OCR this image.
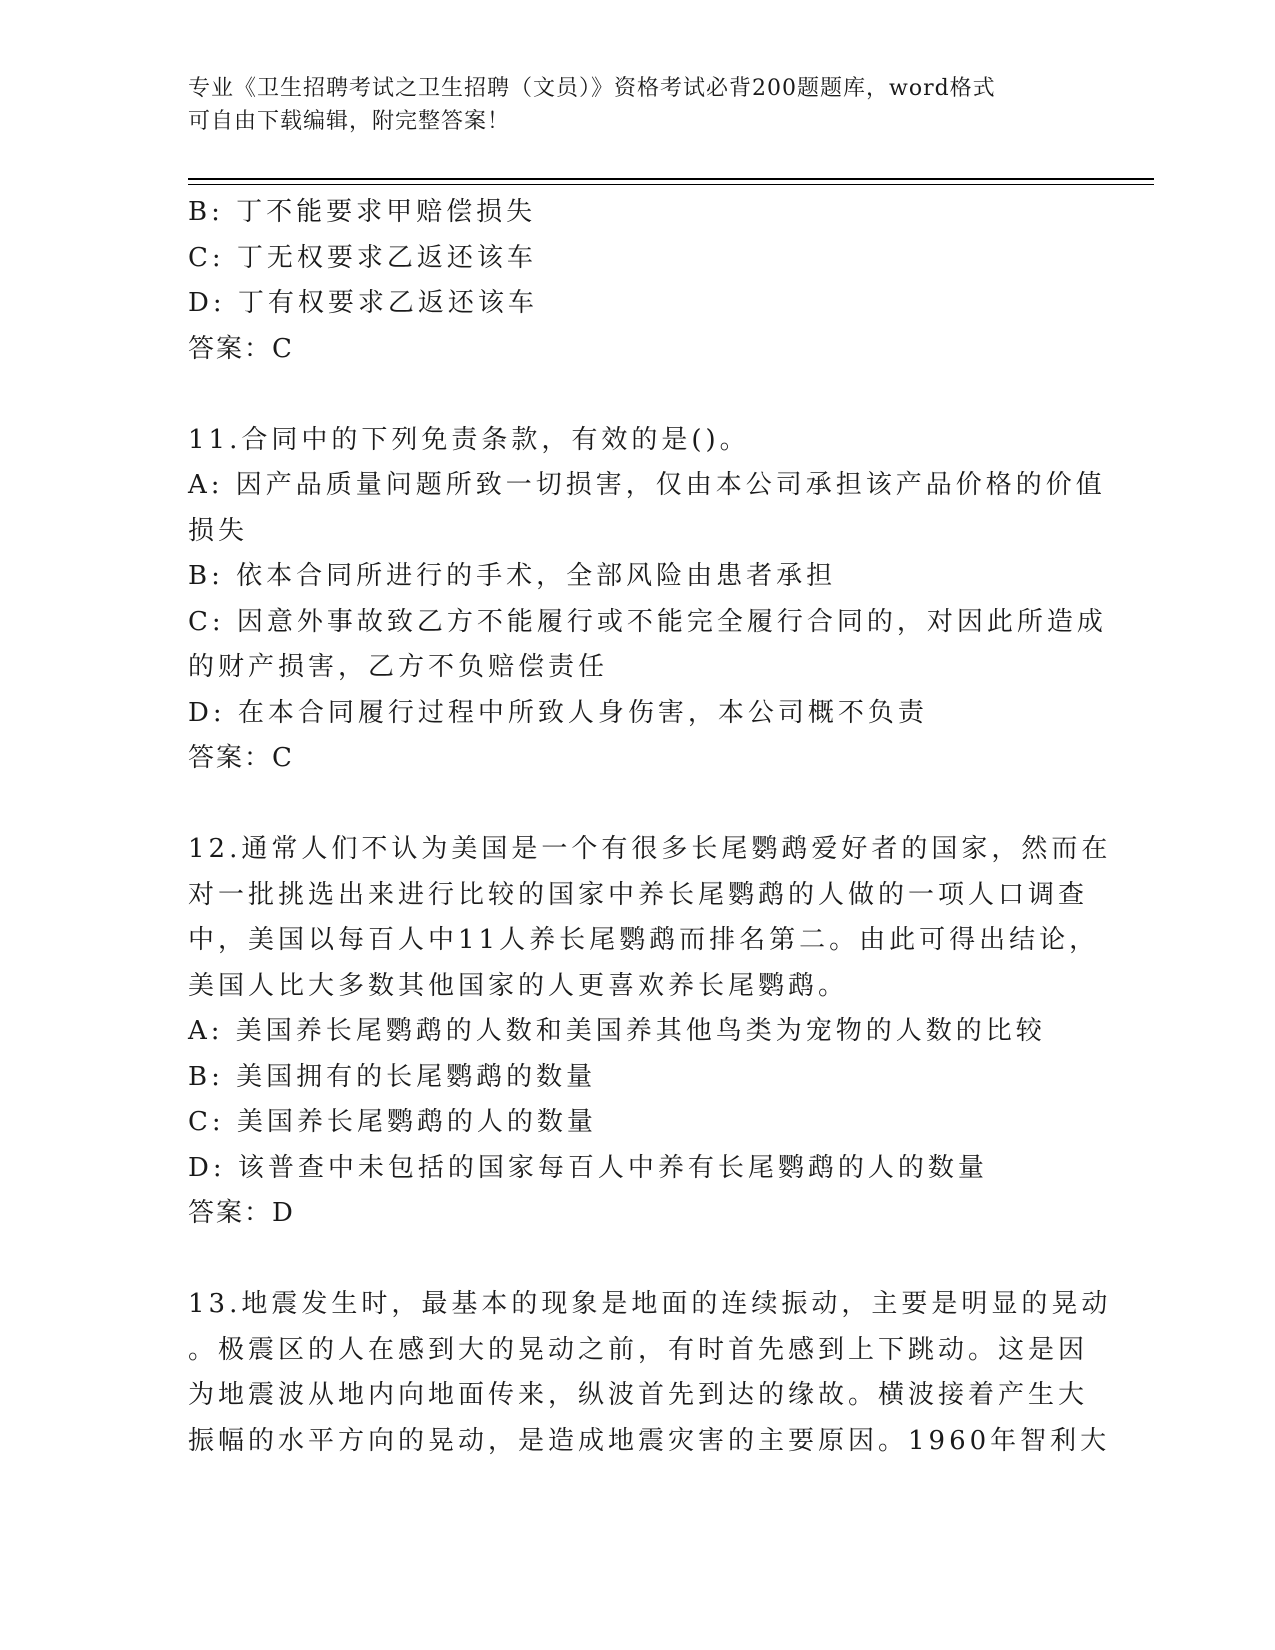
专业《卫生招聘考试之卫生招聘（文员）》资格考试必背200题题库，word格式
可自由下载编辑，附完整答案！
B: 丁不能要求甲赔偿损失
C: 丁无权要求乙返还该车
D: 丁有权要求乙返还该车
答案：C
11.合同中的下列免责条款，有效的是()。
A: 因产品质量问题所致一切损害，仅由本公司承担该产品价格的价值
损失
B: 依本合同所进行的手术，全部风险由患者承担
C: 因意外事故致乙方不能履行或不能完全履行合同的，对因此所造成
的财产损害，乙方不负赔偿责任
D: 在本合同履行过程中所致人身伤害，本公司概不负责
答案：C
12.通常人们不认为美国是一个有很多长尾鹦鹉爱好者的国家，然而在
对一批挑选出来进行比较的国家中养长尾鹦鹉的人做的一项人口调查
中，美国以每百人中11人养长尾鹦鹉而排名第二。由此可得出结论，
美国人比大多数其他国家的人更喜欢养长尾鹦鹉。
A: 美国养长尾鹦鹉的人数和美国养其他鸟类为宠物的人数的比较
B: 美国拥有的长尾鹦鹉的数量
C: 美国养长尾鹦鹉的人的数量
D: 该普查中未包括的国家每百人中养有长尾鹦鹉的人的数量
答案：D
13.地震发生时，最基本的现象是地面的连续振动，主要是明显的晃动
。极震区的人在感到大的晃动之前，有时首先感到上下跳动。这是因
为地震波从地内向地面传来，纵波首先到达的缘故。横波接着产生大
振幅的水平方向的晃动，是造成地震灾害的主要原因。1960年智利大
